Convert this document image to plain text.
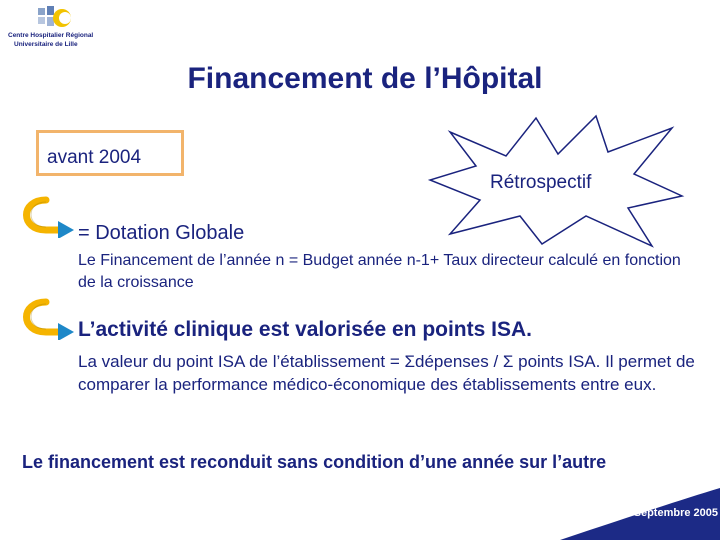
Centre Hospitalier Régional
Universitaire de Lille
Financement de l’Hôpital
avant 2004
Rétrospectif
= Dotation Globale
Le Financement de l’année n = Budget année n-1+ Taux directeur calculé en fonction de la croissance
L’activité clinique est valorisée en points ISA.
La valeur du point ISA de l’établissement = Σdépenses / Σ points ISA. Il permet de comparer la performance médico-économique des établissements entre eux.
Le financement est reconduit sans condition d’une année sur l’autre
DES – Septembre 2005
